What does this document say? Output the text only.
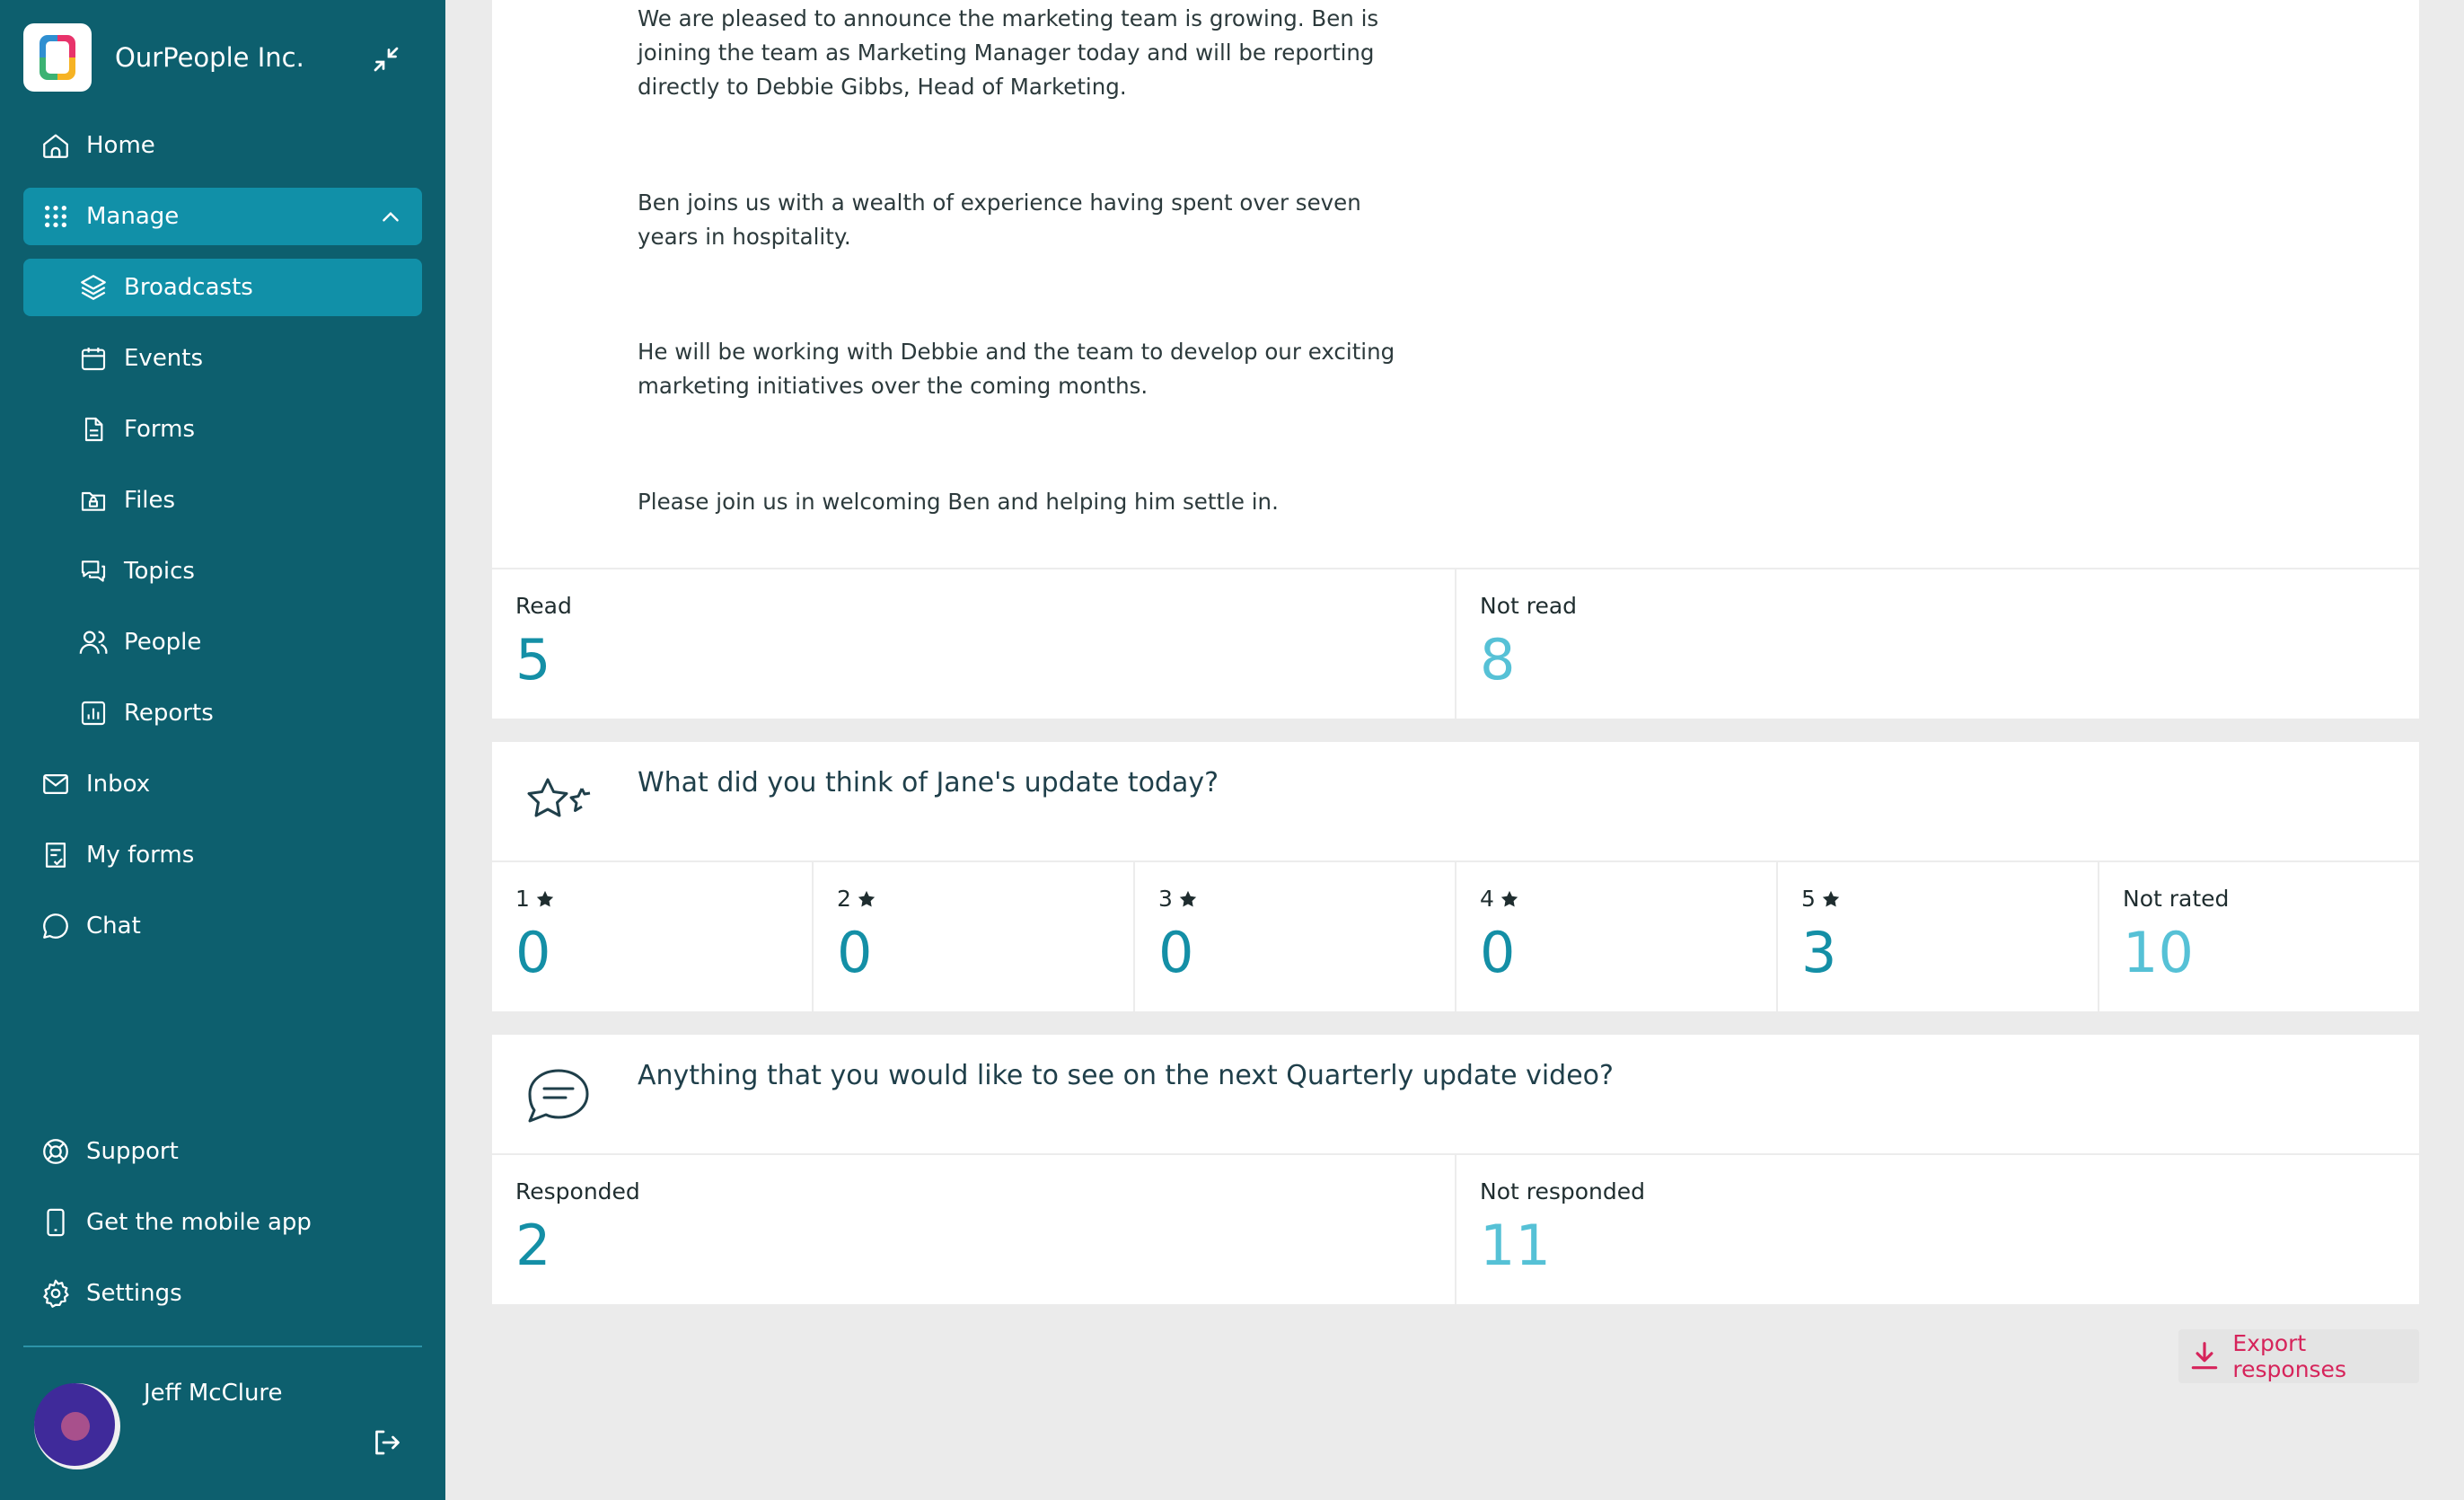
OurPeople Inc.
Home
Manage
Broadcasts
Events
Forms
Files
Topics
People
Reports
Inbox
My forms
Chat
Support
Get the mobile app
Settings
Jeff McClure

We are pleased to announce the marketing team is growing. Ben is joining the team as Marketing Manager today and will be reporting directly to Debbie Gibbs, Head of Marketing.

Ben joins us with a wealth of experience having spent over seven years in hospitality.

He will be working with Debbie and the team to develop our exciting marketing initiatives over the coming months.

Please join us in welcoming Ben and helping him settle in.

Read
5
Not read
8
What did you think of Jane's update today?
1
0
2
0
3
0
4
0
5
3
Not rated
10
Anything that you would like to see on the next Quarterly update video?
Responded
2
Not responded
11
Export responses
